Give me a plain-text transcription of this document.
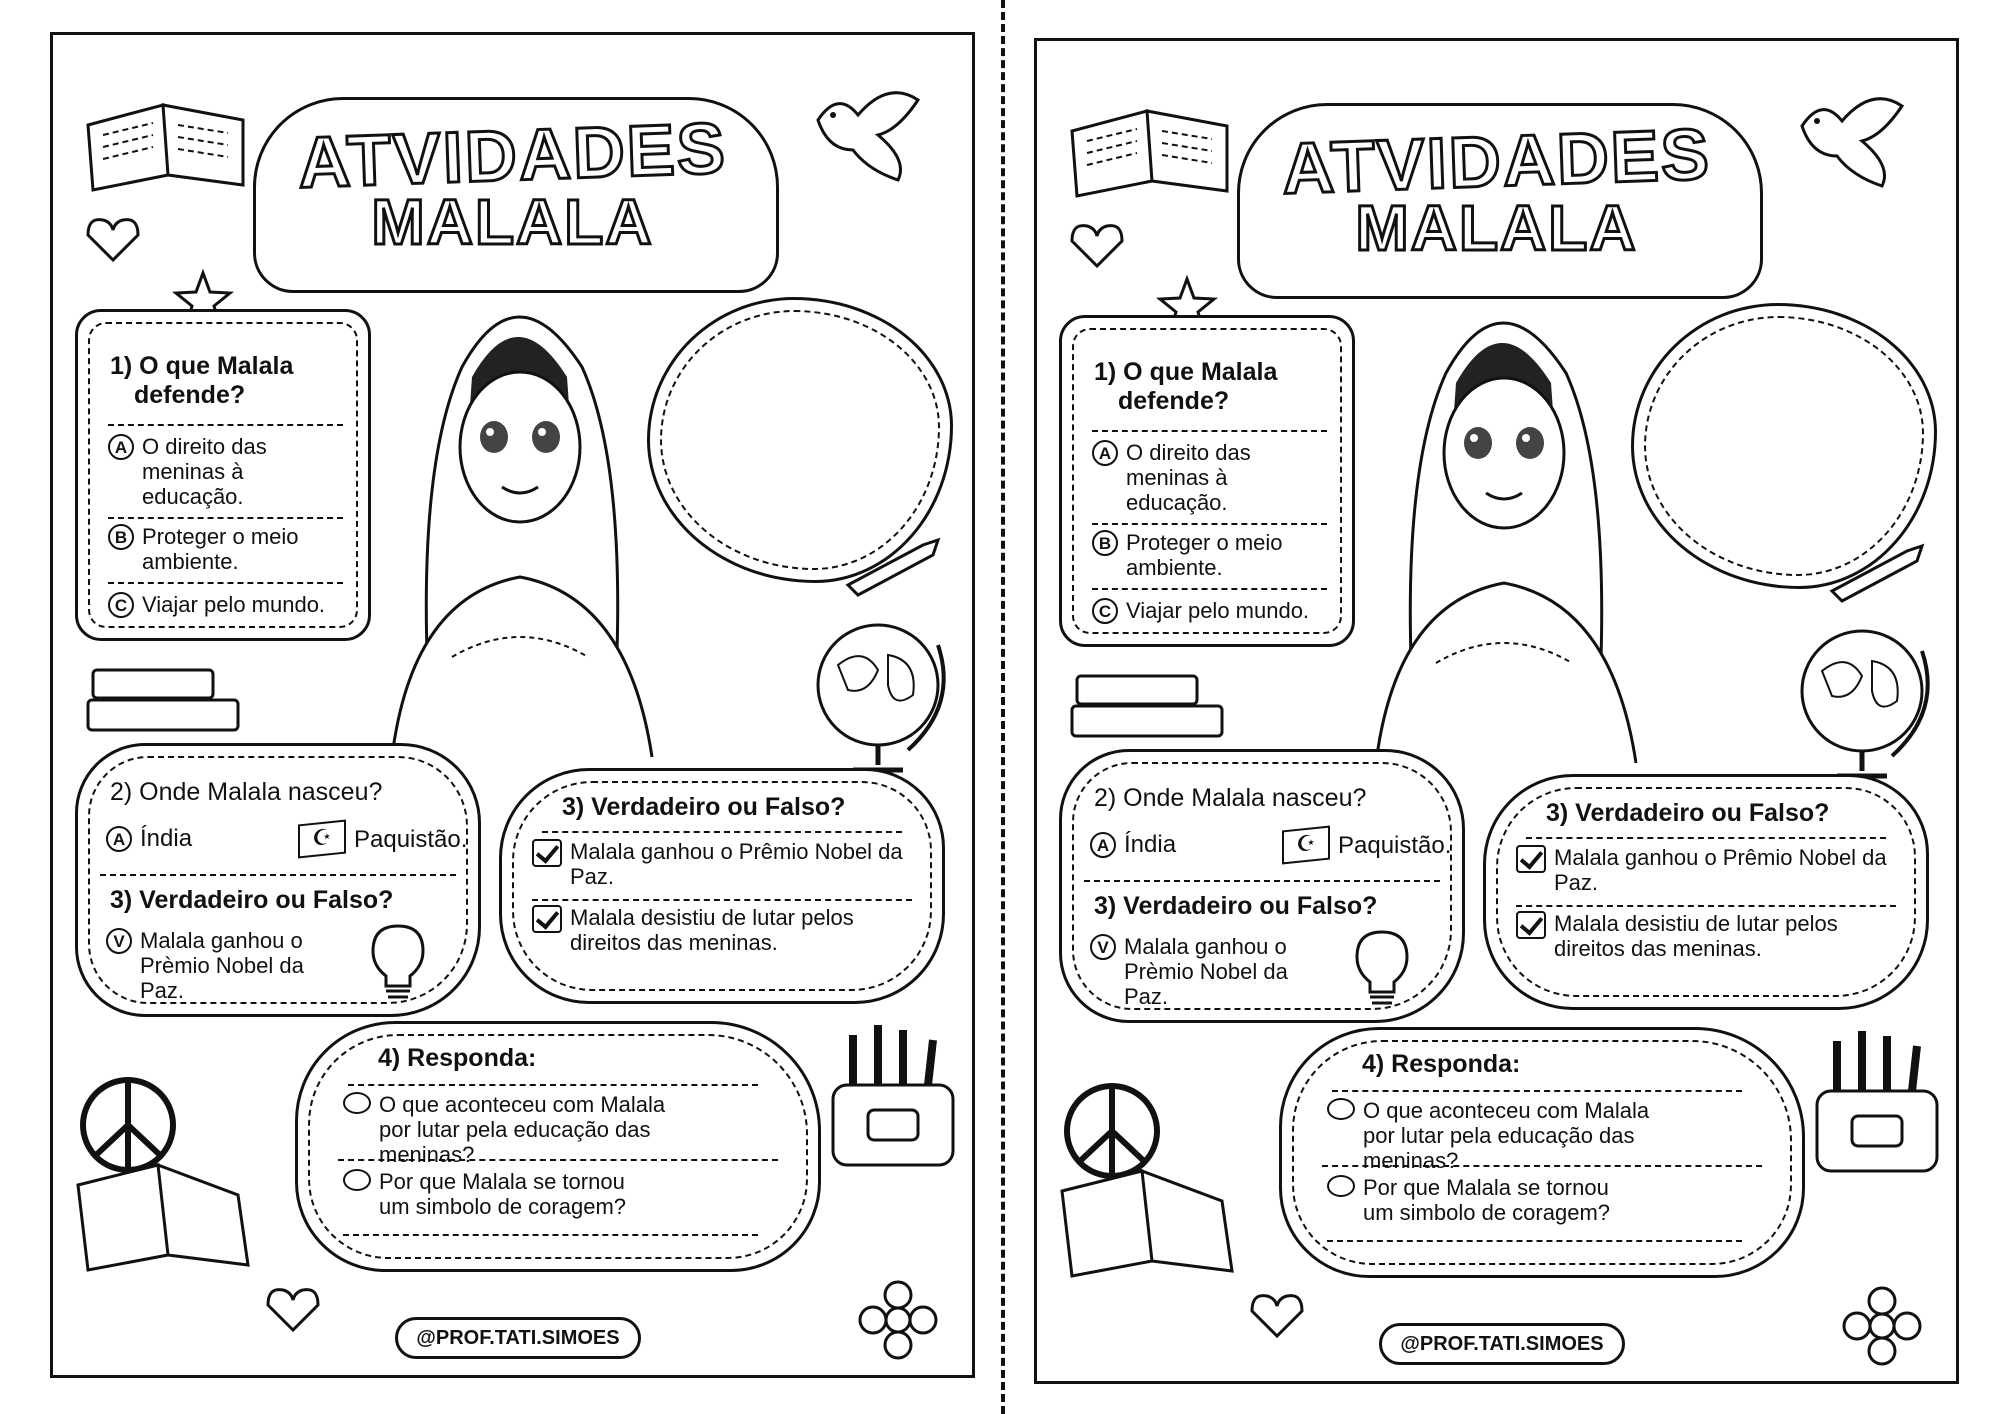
ATVIDADES
MALALA
1) O que Malala
defende?
A O direito das meninas à educação.
B Proteger o meio ambiente.
C Viajar pelo mundo.
2) Onde Malala nasceu?
A Índia	☪ Paquistão.
3) Verdadeiro ou Falso?
V Malala ganhou o Prèmio Nobel da Paz.
3) Verdadeiro ou Falso?
Malala ganhou o Prêmio Nobel da Paz.
Malala desistiu de lutar pelos direitos das meninas.
4) Responda:
O que aconteceu com Malala por lutar pela educação das meninas?
Por que Malala se tornou um simbolo de coragem?
@PROF.TATI.SIMOES
ATVIDADES
MALALA
1) O que Malala
defende?
A O direito das meninas à educação.
B Proteger o meio ambiente.
C Viajar pelo mundo.
2) Onde Malala nasceu?
A Índia	☪ Paquistão.
3) Verdadeiro ou Falso?
V Malala ganhou o Prèmio Nobel da Paz.
3) Verdadeiro ou Falso?
Malala ganhou o Prêmio Nobel da Paz.
Malala desistiu de lutar pelos direitos das meninas.
4) Responda:
O que aconteceu com Malala por lutar pela educação das meninas?
Por que Malala se tornou um simbolo de coragem?
@PROF.TATI.SIMOES
